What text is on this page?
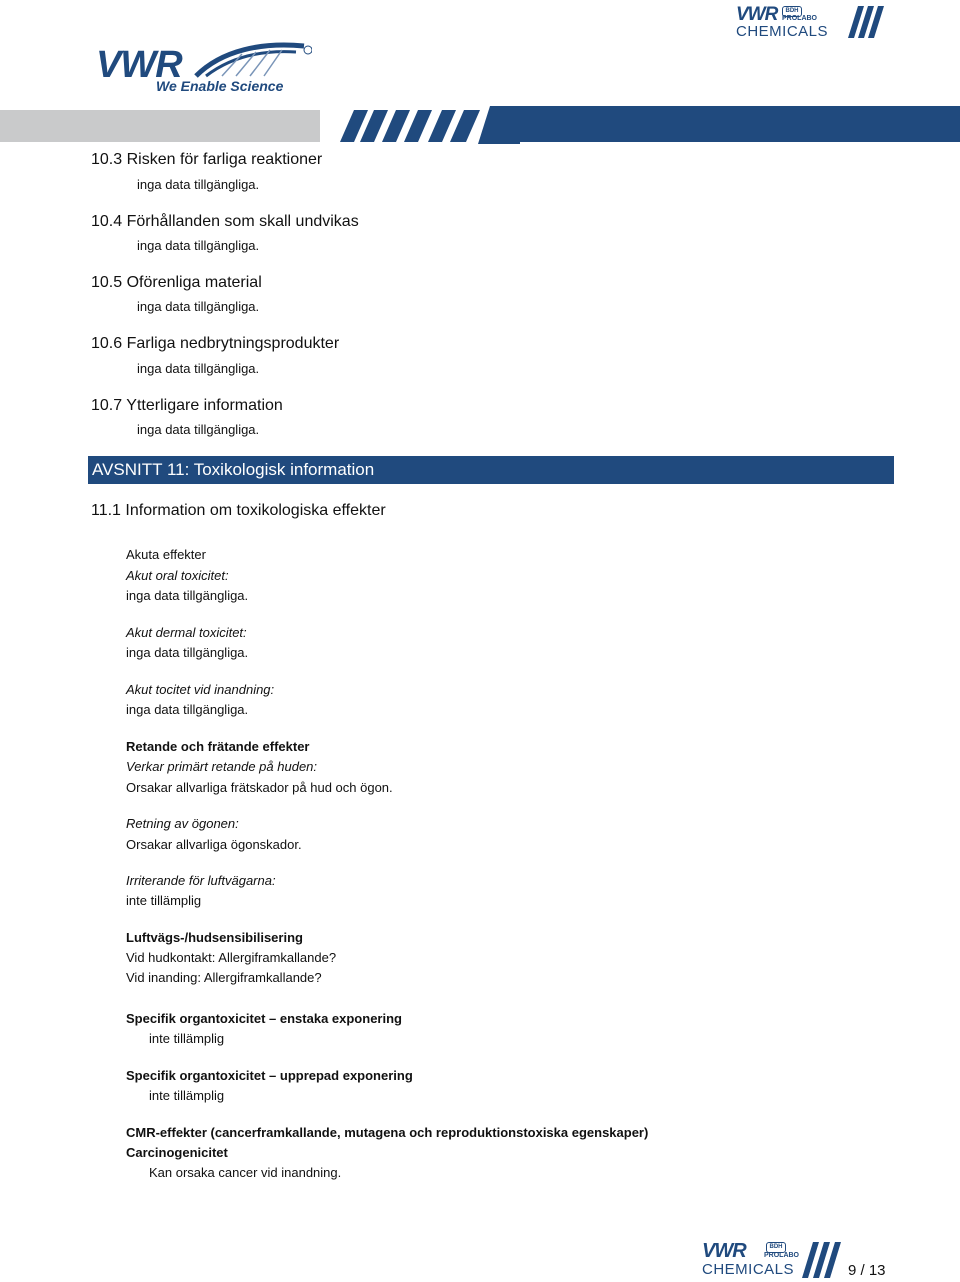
VWR
We Enable Science
VWR	BDH
PROLABO
CHEMICALS
10.3 Risken för farliga reaktioner
inga data tillgängliga.
10.4 Förhållanden som skall undvikas
inga data tillgängliga.
10.5 Oförenliga material
inga data tillgängliga.
10.6 Farliga nedbrytningsprodukter
inga data tillgängliga.
10.7 Ytterligare information
inga data tillgängliga.
AVSNITT 11: Toxikologisk information
11.1 Information om toxikologiska effekter
Akuta effekter
Akut oral toxicitet:
inga data tillgängliga.
Akut dermal toxicitet:
inga data tillgängliga.
Akut tocitet vid inandning:
inga data tillgängliga.
Retande och frätande effekter
Verkar primärt retande på huden:
Orsakar allvarliga frätskador på hud och ögon.
Retning av ögonen:
Orsakar allvarliga ögonskador.
Irriterande för luftvägarna:
inte tillämplig
Luftvägs-/hudsensibilisering
Vid hudkontakt: Allergiframkallande?
Vid inanding: Allergiframkallande?
Specifik organtoxicitet – enstaka exponering
inte tillämplig
Specifik organtoxicitet – upprepad exponering
inte tillämplig
CMR-effekter (cancerframkallande, mutagena och reproduktionstoxiska egenskaper)
Carcinogenicitet
Kan orsaka cancer vid inandning.
VWR	BDH
PROLABO
CHEMICALS	9 / 13
